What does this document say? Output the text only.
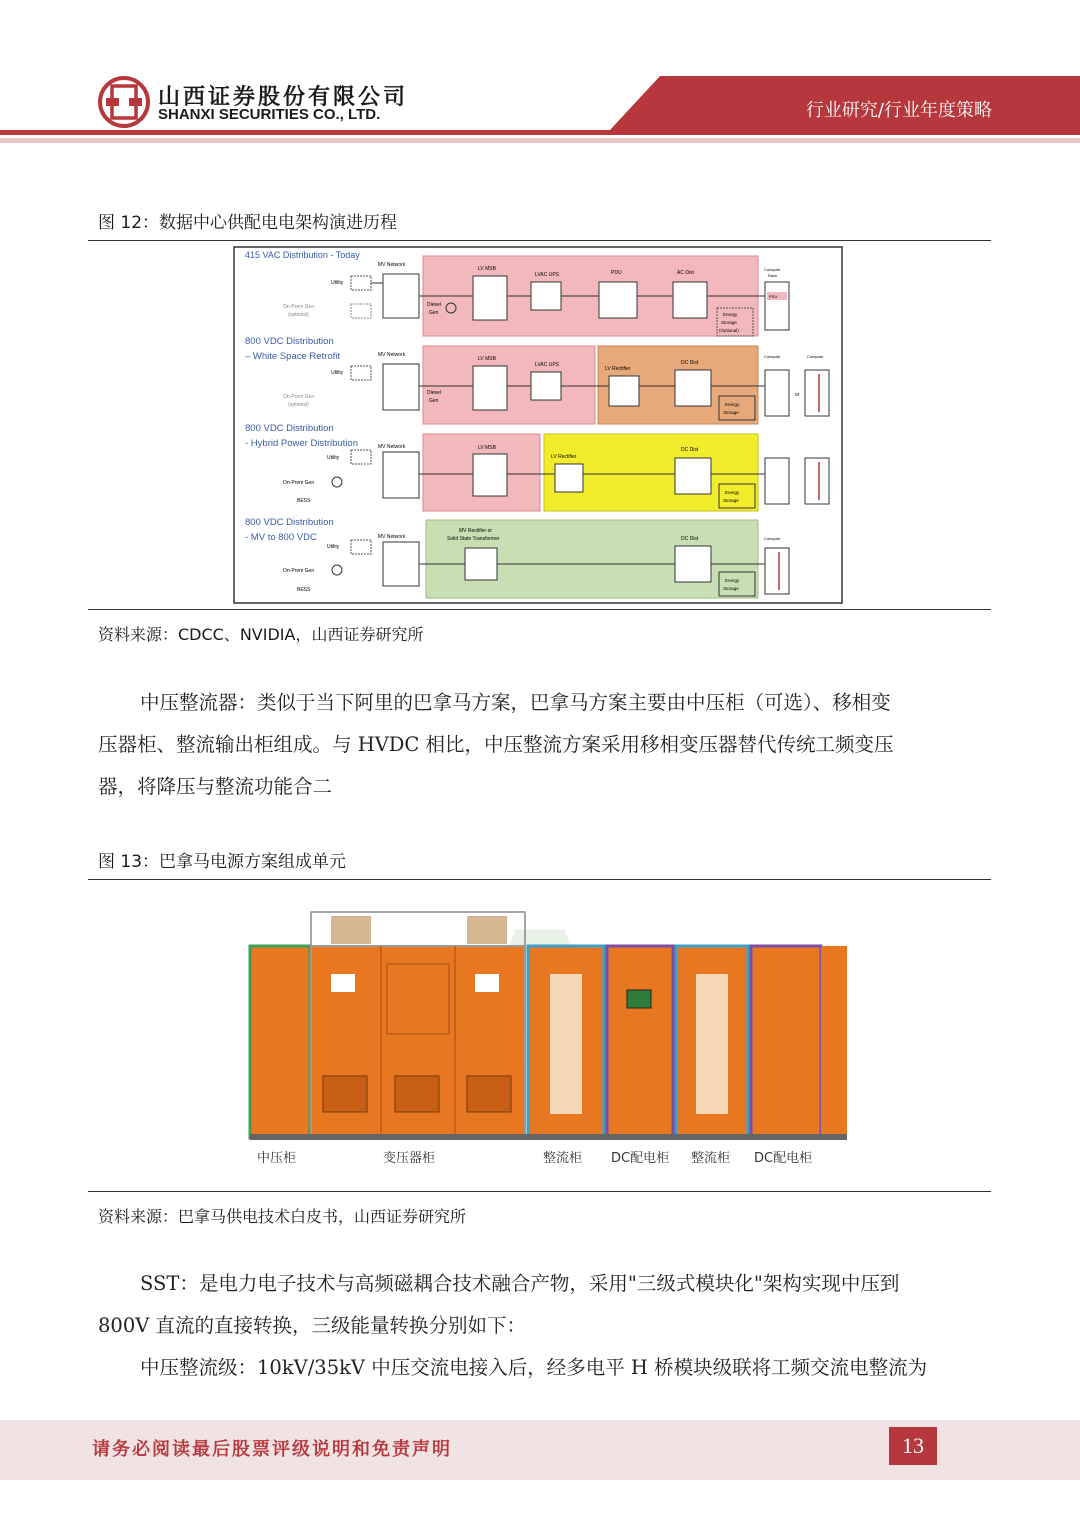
山西证券股份有限公司
SHANXI SECURITIES CO., LTD.	行业研究/行业年度策略
图 12：数据中心供配电电架构演进历程
415 VAC Distribution - Today
800 VDC Distribution
– White Space Retrofit
800 VDC Distribution
- Hybrid Power Distribution
800 VDC Distribution
- MV to 800 VDC
MV Network
Utility
On-Prem Gen
(optional)
Diesel
Gen
LV MSB
LVAC UPS	PDU	AC Dist
Energy
Storage
(Optional)
Compute
Rack
PSU
MV Network
Utility
On-Prem Gen
(optional)
Diesel
Gen
LV MSB
LVAC UPS
LV Rectifier
DC Dist
Energy
Storage
Compute
or
Compute
MV Network
Utility
On-Prem Gen
BESS
LV MSB
LV Rectifier
DC Dist
Energy
Storage
MV Network
Utility
On-Prem Gen
BESS
MV Rectifier or
Solid State Transformer	DC Dist
Energy
Storage
Compute
资料来源：CDCC、NVIDIA，山西证券研究所

中压整流器：类似于当下阿里的巴拿马方案，巴拿马方案主要由中压柜（可选）、移相变

压器柜、整流输出柜组成。与 HVDC 相比，中压整流方案采用移相变压器替代传统工频变压

器，将降压与整流功能合二

图 13：巴拿马电源方案组成单元
中压柜	变压器柜	整流柜 DC配电柜 整流柜 DC配电柜
资料来源：巴拿马供电技术白皮书，山西证券研究所

SST：是电力电子技术与高频磁耦合技术融合产物，采用"三级式模块化"架构实现中压到

800V 直流的直接转换，三级能量转换分别如下：

中压整流级：10kV/35kV 中压交流电接入后，经多电平 H 桥模块级联将工频交流电整流为

请务必阅读最后股票评级说明和免责声明	13
